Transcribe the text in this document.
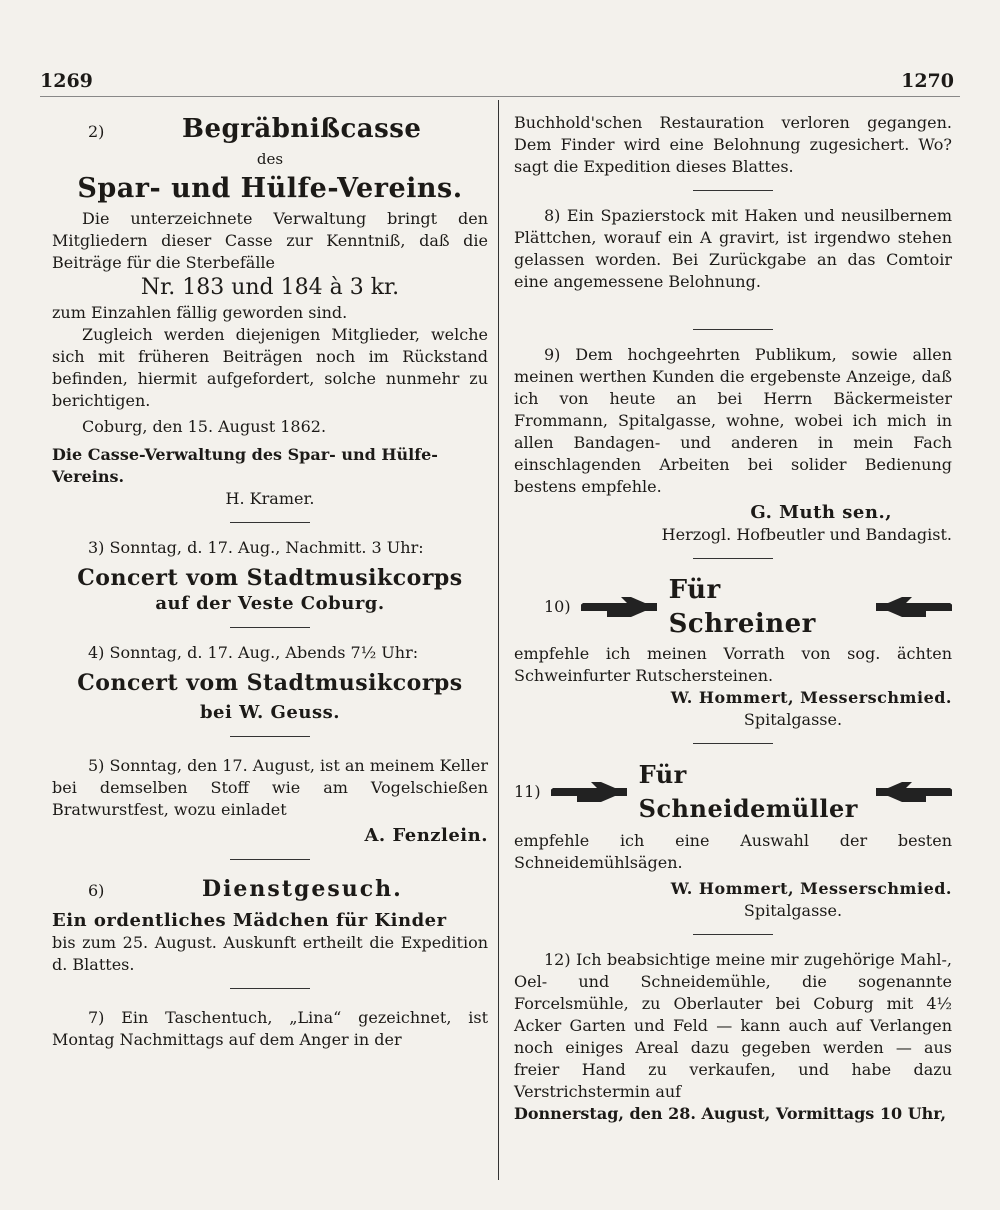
1269	1270
2)	Begräbnißcasse
des
Spar- und Hülfe-Vereins.

Die unterzeichnete Verwaltung bringt den Mitgliedern dieser Casse zur Kenntniß, daß die Beiträge für die Sterbefälle

Nr. 183 und 184 à 3 kr.

zum Einzahlen fällig geworden sind.

Zugleich werden diejenigen Mitglieder, welche sich mit früheren Beiträgen noch im Rückstand befinden, hiermit aufgefordert, solche nunmehr zu berichtigen.

Coburg, den 15. August 1862.
Die Casse-Verwaltung des Spar- und Hülfe-Vereins.
H. Kramer.
3) Sonntag, d. 17. Aug., Nachmitt. 3 Uhr:
Concert vom Stadtmusikcorps
auf der Veste Coburg.
4) Sonntag, d. 17. Aug., Abends 7½ Uhr:
Concert vom Stadtmusikcorps
bei W. Geuss.

5) Sonntag, den 17. August, ist an meinem Keller bei demselben Stoff wie am Vogelschießen Bratwurstfest, wozu einladet

A. Fenzlein.
6)	Dienstgesuch.
Ein ordentliches Mädchen für Kinder

bis zum 25. August. Auskunft ertheilt die Expedition d. Blattes.

7) Ein Taschentuch, „Lina“ gezeichnet, ist Montag Nachmittags auf dem Anger in der

Buchhold'schen Restauration verloren gegangen. Dem Finder wird eine Belohnung zugesichert. Wo? sagt die Expedition dieses Blattes.

8) Ein Spazierstock mit Haken und neusilbernem Plättchen, worauf ein A gravirt, ist irgendwo stehen gelassen worden. Bei Zurückgabe an das Comtoir eine angemessene Belohnung.

9) Dem hochgeehrten Publikum, sowie allen meinen werthen Kunden die ergebenste Anzeige, daß ich von heute an bei Herrn Bäckermeister Frommann, Spitalgasse, wohne, wobei ich mich in allen Bandagen- und anderen in mein Fach einschlagenden Arbeiten bei solider Bedienung bestens empfehle.

G. Muth sen.,
Herzogl. Hofbeutler und Bandagist.
10)
Für Schreiner

empfehle ich meinen Vorrath von sog. ächten Schweinfurter Rutschersteinen.

W. Hommert, Messerschmied.
Spitalgasse.
11)
Für Schneidemüller

empfehle ich eine Auswahl der besten Schneidemühlsägen.

W. Hommert, Messerschmied.
Spitalgasse.

12) Ich beabsichtige meine mir zugehörige Mahl-, Oel- und Schneidemühle, die sogenannte Forcelsmühle, zu Oberlauter bei Coburg mit 4½ Acker Garten und Feld — kann auch auf Verlangen noch einiges Areal dazu gegeben werden — aus freier Hand zu verkaufen, und habe dazu Verstrichstermin auf

Donnerstag, den 28. August, Vormittags 10 Uhr,
